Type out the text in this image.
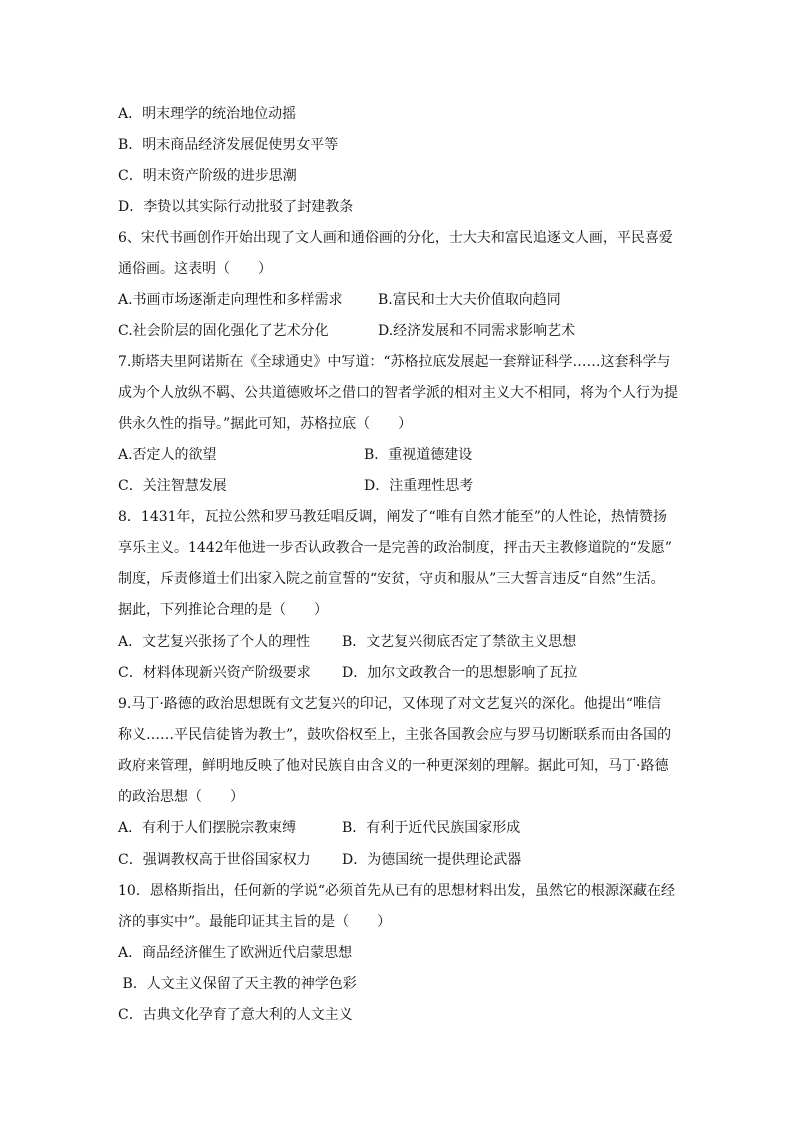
A．明末理学的统治地位动摇
B．明末商品经济发展促使男女平等
C．明末资产阶级的进步思潮
D．李贽以其实际行动批驳了封建教条
6、宋代书画创作开始出现了文人画和通俗画的分化，士大夫和富民追逐文人画，平民喜爱
通俗画。这表明（　　）
A.书画市场逐渐走向理性和多样需求	B.富民和士大夫价值取向趋同
C.社会阶层的固化强化了艺术分化	D.经济发展和不同需求影响艺术
7.斯塔夫里阿诺斯在《全球通史》中写道：“苏格拉底发展起一套辩证科学……这套科学与
成为个人放纵不羁、公共道德败坏之借口的智者学派的相对主义大不相同，将为个人行为提
供永久性的指导。”据此可知，苏格拉底（　　）
A.否定人的欲望	B．重视道德建设
C．关注智慧发展	D．注重理性思考
8．1431年，瓦拉公然和罗马教廷唱反调，阐发了“唯有自然才能至”的人性论，热情赞扬
享乐主义。1442年他进一步否认政教合一是完善的政治制度，抨击天主教修道院的“发愿”
制度，斥责修道士们出家入院之前宣誓的“安贫，守贞和服从”三大誓言违反“自然”生活。
据此，下列推论合理的是（　　）
A．文艺复兴张扬了个人的理性 B．文艺复兴彻底否定了禁欲主义思想
C．材料体现新兴资产阶级要求 D．加尔文政教合一的思想影响了瓦拉
9.马丁·路德的政治思想既有文艺复兴的印记，又体现了对文艺复兴的深化。他提出“唯信
称义……平民信徒皆为教士”，鼓吹俗权至上，主张各国教会应与罗马切断联系而由各国的
政府来管理，鲜明地反映了他对民族自由含义的一种更深刻的理解。据此可知，马丁·路德
的政治思想（　　）
A．有利于人们摆脱宗教束缚	B．有利于近代民族国家形成
C．强调教权高于世俗国家权力 D．为德国统一提供理论武器
10．恩格斯指出，任何新的学说“必须首先从已有的思想材料出发，虽然它的根源深藏在经
济的事实中”。最能印证其主旨的是（　　）
A．商品经济催生了欧洲近代启蒙思想
B．人文主义保留了天主教的神学色彩
C．古典文化孕育了意大利的人文主义
